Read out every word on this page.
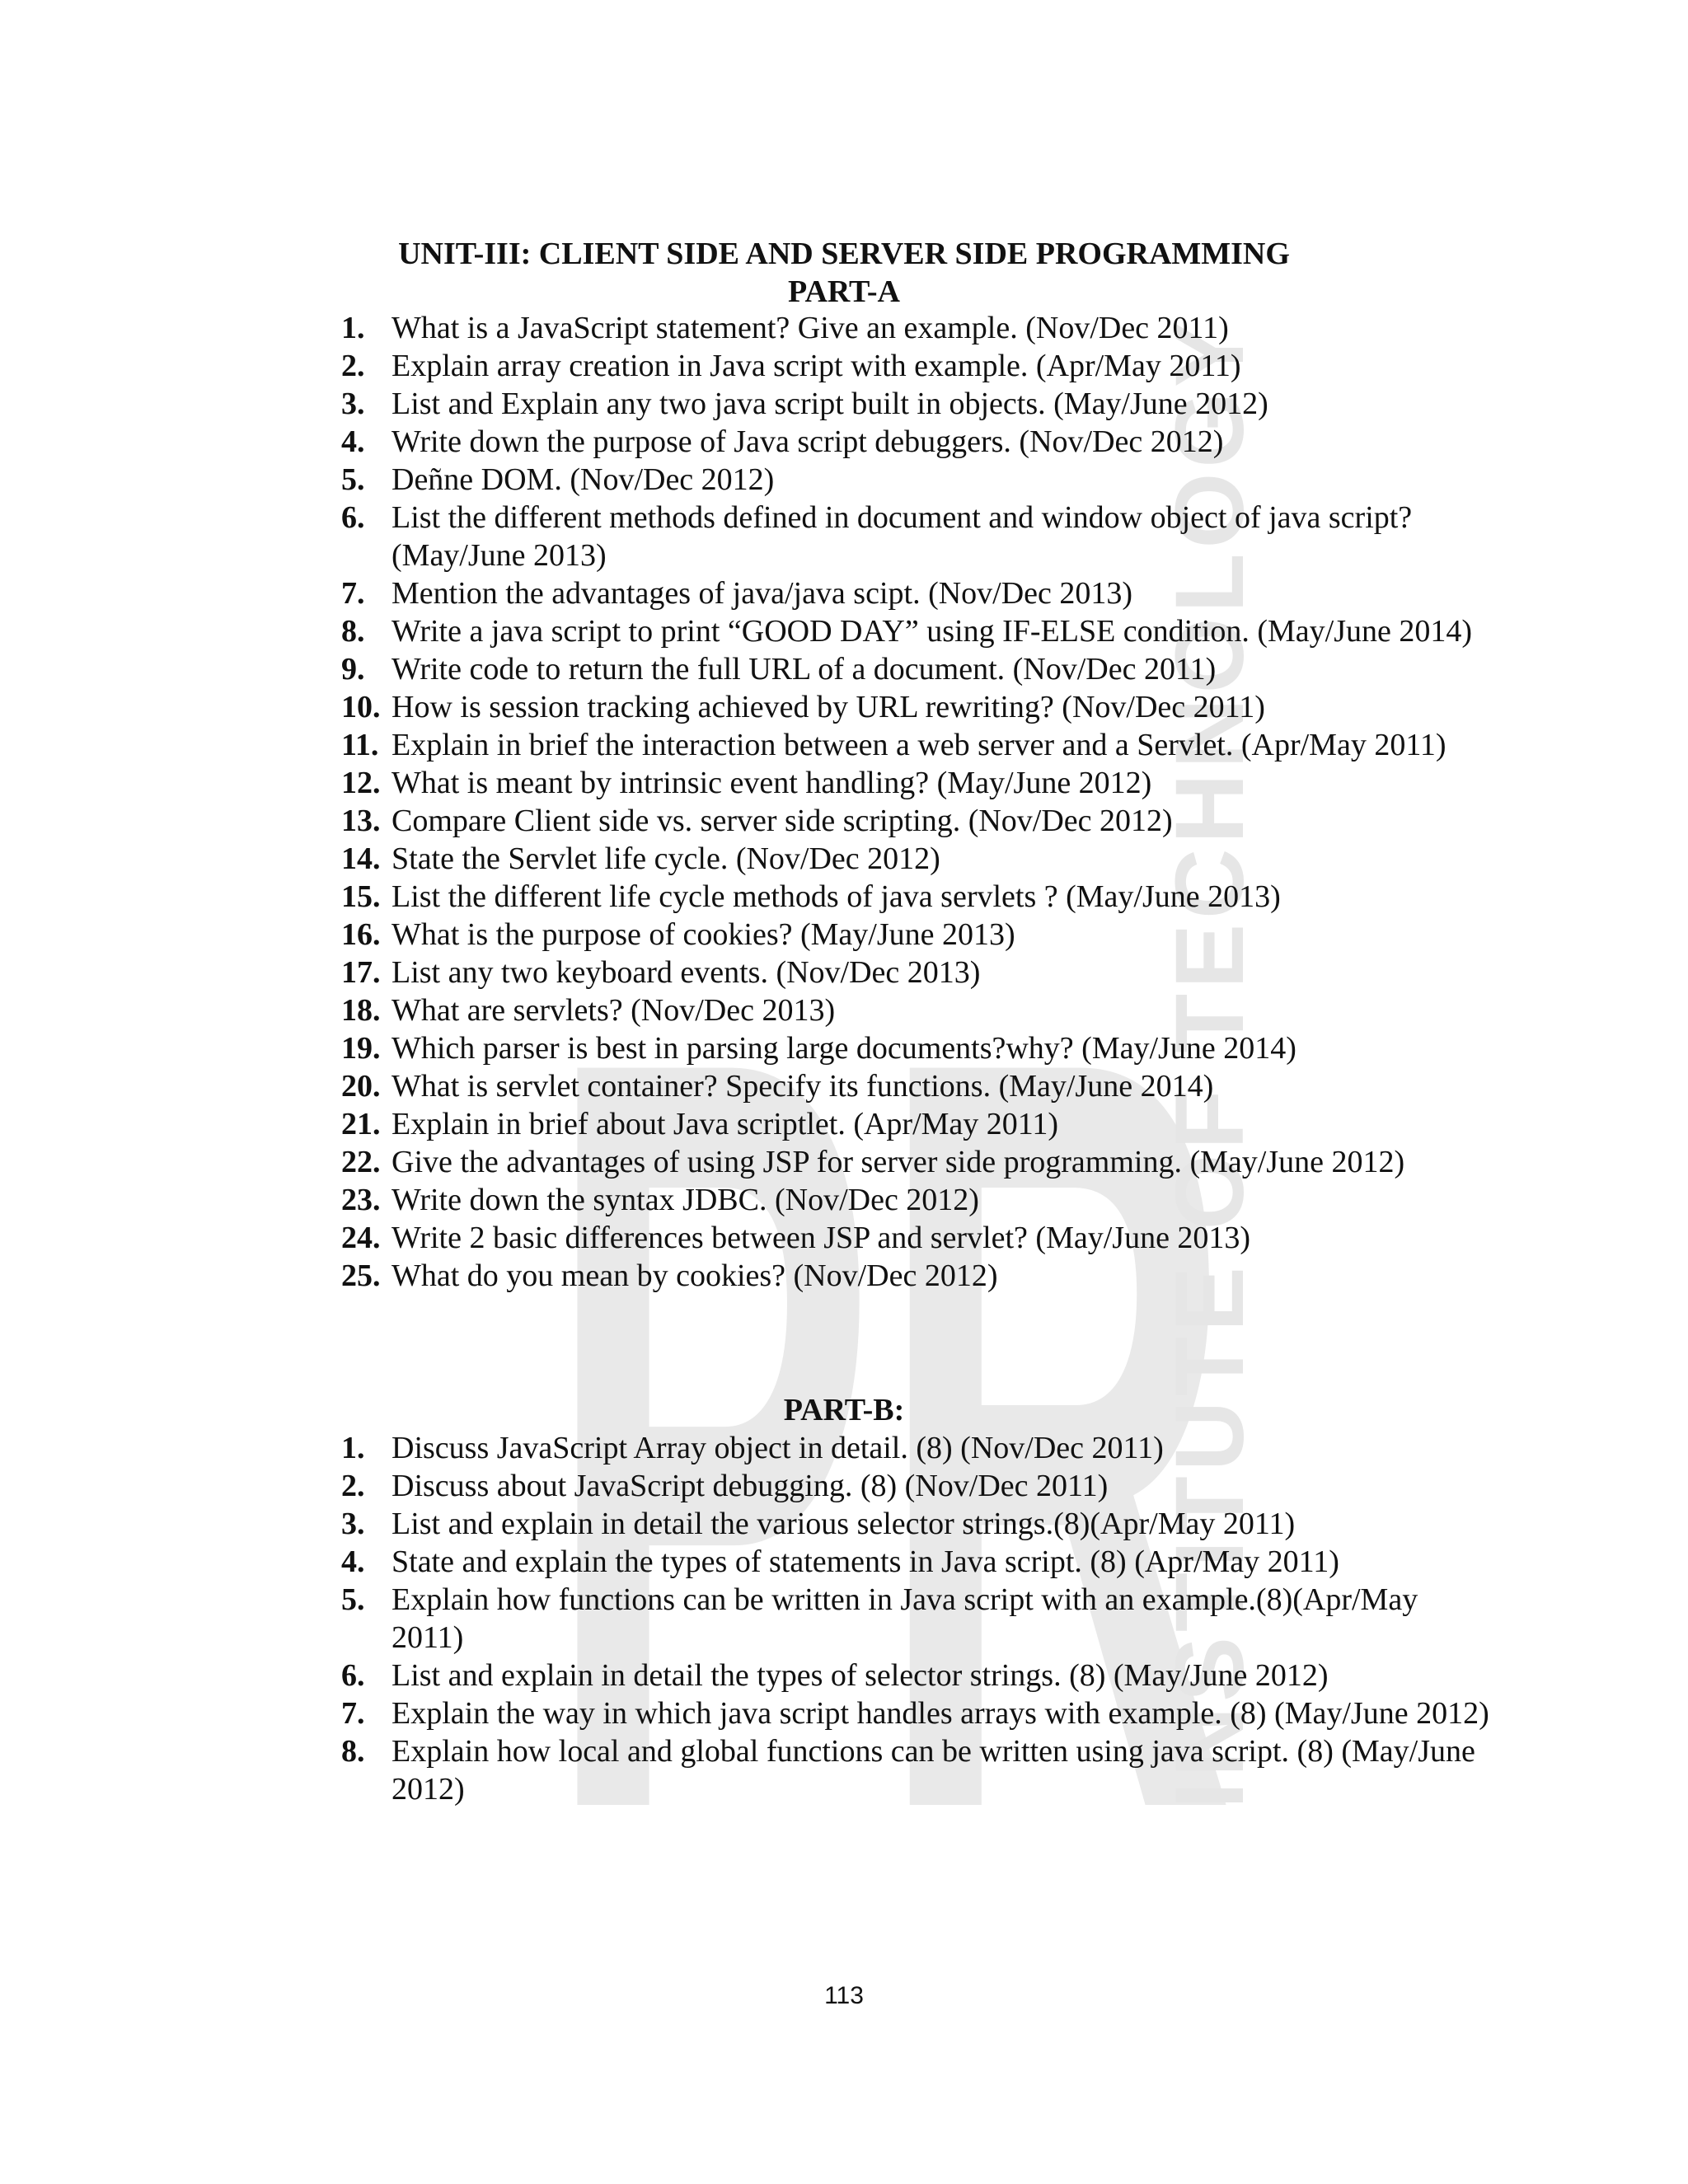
PR
INSTITUTE OF TECHNOLOGY
UNIT-III: CLIENT SIDE AND SERVER SIDE PROGRAMMING
PART-A
1. What is a JavaScript statement? Give an example. (Nov/Dec 2011)
2. Explain array creation in Java script with example. (Apr/May 2011)
3. List and Explain any two java script built in objects. (May/June 2012)
4. Write down the purpose of Java script debuggers. (Nov/Dec 2012)
5. Deñne DOM. (Nov/Dec 2012)
6. List the different methods defined in document and window object of java script? (May/June 2013)
7. Mention the advantages of java/java scipt. (Nov/Dec 2013)
8. Write a java script to print “GOOD DAY” using IF-ELSE condition. (May/June 2014)
9. Write code to return the full URL of a document. (Nov/Dec 2011)
10. How is session tracking achieved by URL rewriting? (Nov/Dec 2011)
11. Explain in brief the interaction between a web server and a Servlet. (Apr/May 2011)
12. What is meant by intrinsic event handling? (May/June 2012)
13. Compare Client side vs. server side scripting. (Nov/Dec 2012)
14. State the Servlet life cycle. (Nov/Dec 2012)
15. List the different life cycle methods of java servlets ? (May/June 2013)
16. What is the purpose of cookies? (May/June 2013)
17. List any two keyboard events. (Nov/Dec 2013)
18. What are servlets? (Nov/Dec 2013)
19. Which parser is best in parsing large documents?why? (May/June 2014)
20. What is servlet container? Specify its functions. (May/June 2014)
21. Explain in brief about Java scriptlet. (Apr/May 2011)
22. Give the advantages of using JSP for server side programming. (May/June 2012)
23. Write down the syntax JDBC. (Nov/Dec 2012)
24. Write 2 basic differences between JSP and servlet? (May/June 2013)
25. What do you mean by cookies? (Nov/Dec 2012)
PART-B:
1. Discuss JavaScript Array object in detail. (8) (Nov/Dec 2011)
2. Discuss about JavaScript debugging. (8) (Nov/Dec 2011)
3. List and explain in detail the various selector strings.(8)(Apr/May 2011)
4. State and explain the types of statements in Java script. (8) (Apr/May 2011)
5. Explain how functions can be written in Java script with an example.(8)(Apr/May 2011)
6. List and explain in detail the types of selector strings. (8) (May/June 2012)
7. Explain the way in which java script handles arrays with example. (8) (May/June 2012)
8. Explain how local and global functions can be written using java script. (8) (May/June 2012)
113
